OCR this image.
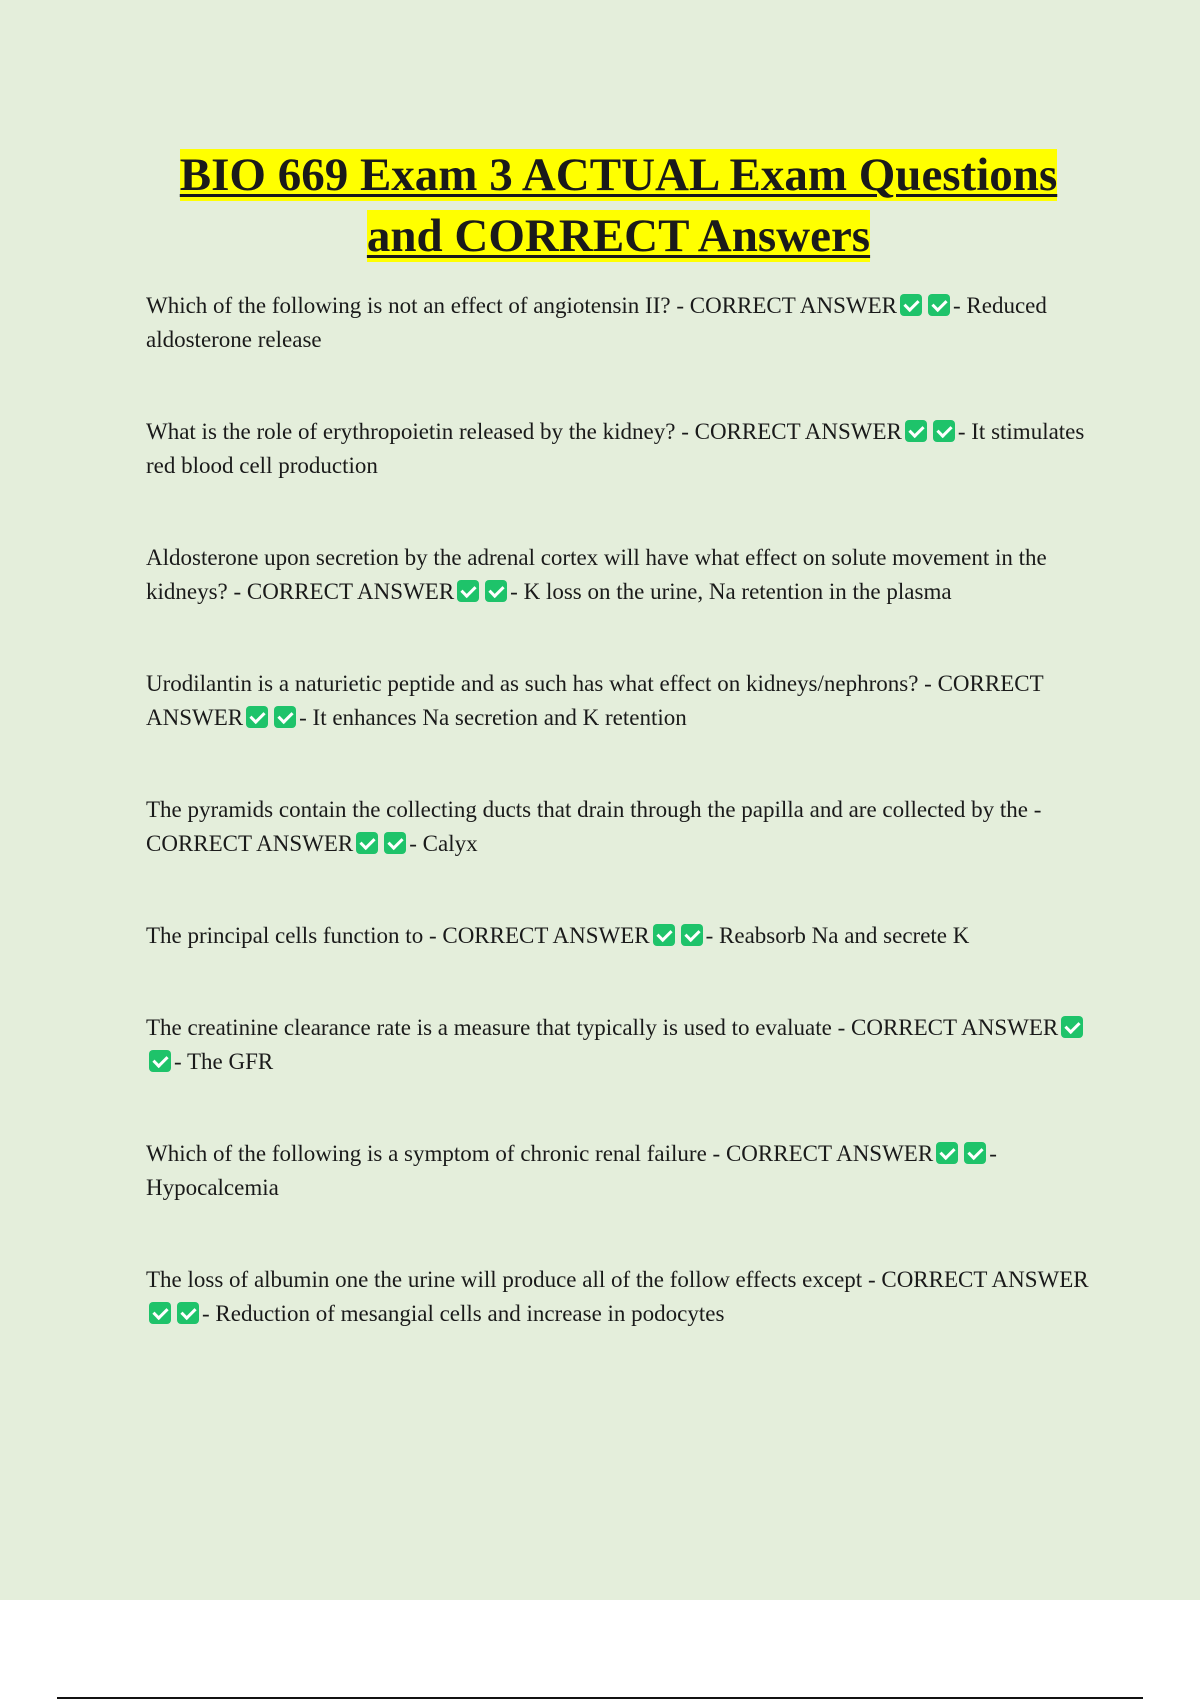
BIO 669 Exam 3 ACTUAL Exam Questions
and CORRECT Answers
Which of the following is not an effect of angiotensin II? - CORRECT ANSWER - Reduced aldosterone release
What is the role of erythropoietin released by the kidney? - CORRECT ANSWER - It stimulates red blood cell production
Aldosterone upon secretion by the adrenal cortex will have what effect on solute movement in the kidneys? - CORRECT ANSWER - K loss on the urine, Na retention in the plasma
Urodilantin is a naturietic peptide and as such has what effect on kidneys/nephrons? - CORRECT ANSWER - It enhances Na secretion and K retention
The pyramids contain the collecting ducts that drain through the papilla and are collected by the - CORRECT ANSWER - Calyx
The principal cells function to - CORRECT ANSWER - Reabsorb Na and secrete K
The creatinine clearance rate is a measure that typically is used to evaluate - CORRECT ANSWER- The GFR
Which of the following is a symptom of chronic renal failure - CORRECT ANSWER - Hypocalcemia
The loss of albumin one the urine will produce all of the follow effects except - CORRECT ANSWER- Reduction of mesangial cells and increase in podocytes
